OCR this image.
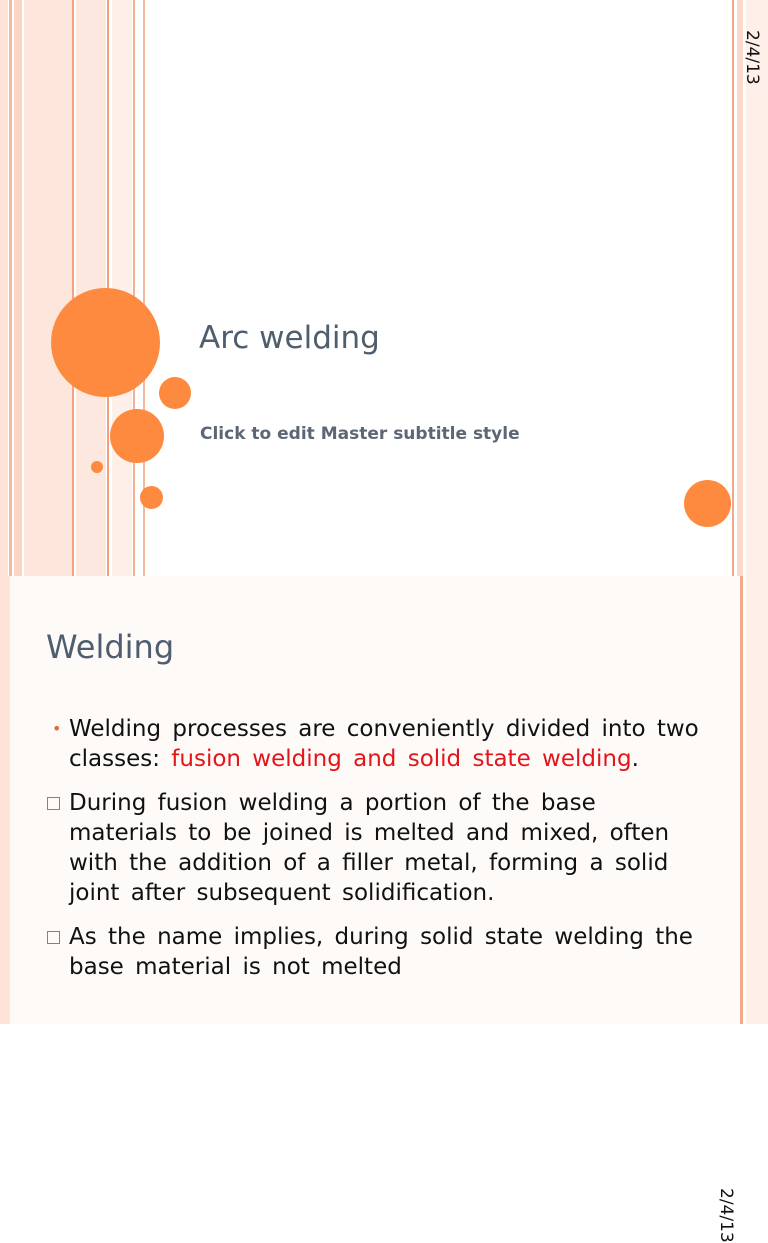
Arc welding
Click to edit Master subtitle style
2/4/13
Welding
2/4/13
• Welding processes are conveniently divided into two classes: fusion welding and solid state welding.
During fusion welding a portion of the base materials to be joined is melted and mixed, often with the addition of a filler metal, forming a solid joint after subsequent solidification.
As the name implies, during solid state welding the base material is not melted
